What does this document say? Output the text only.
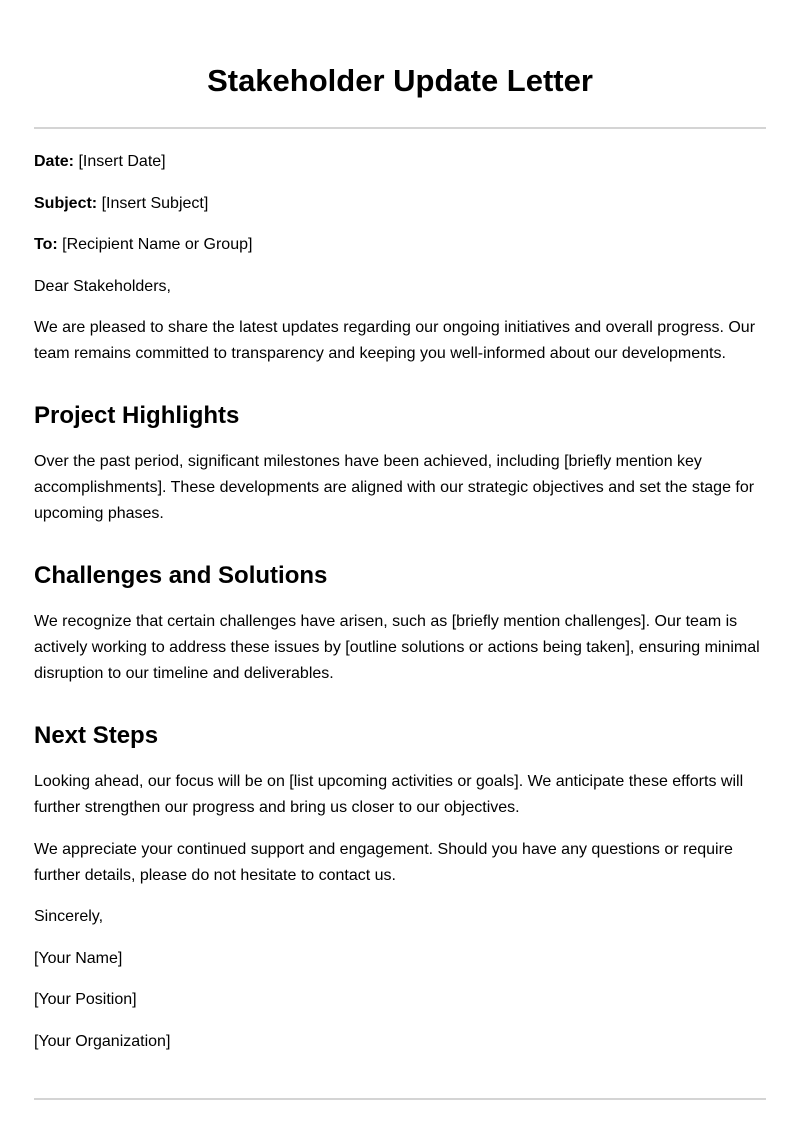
Stakeholder Update Letter

Date: [Insert Date]

Subject: [Insert Subject]

To: [Recipient Name or Group]

Dear Stakeholders,

We are pleased to share the latest updates regarding our ongoing initiatives and overall progress. Our team remains committed to transparency and keeping you well-informed about our developments.

Project Highlights

Over the past period, significant milestones have been achieved, including [briefly mention key accomplishments]. These developments are aligned with our strategic objectives and set the stage for upcoming phases.

Challenges and Solutions

We recognize that certain challenges have arisen, such as [briefly mention challenges]. Our team is actively working to address these issues by [outline solutions or actions being taken], ensuring minimal disruption to our timeline and deliverables.

Next Steps

Looking ahead, our focus will be on [list upcoming activities or goals]. We anticipate these efforts will further strengthen our progress and bring us closer to our objectives.

We appreciate your continued support and engagement. Should you have any questions or require further details, please do not hesitate to contact us.

Sincerely,

[Your Name]

[Your Position]

[Your Organization]
